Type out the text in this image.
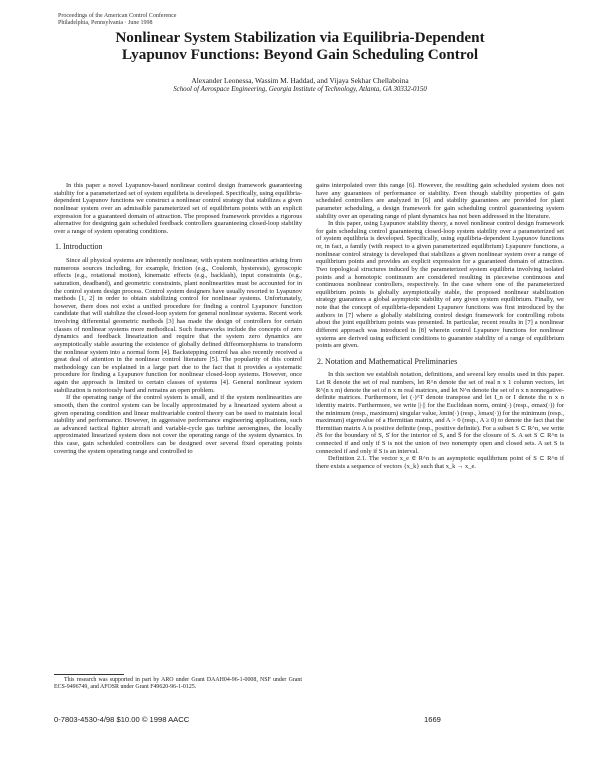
Proceedings of the American Control Conference
Philadelphia, Pennsylvania · June 1998
Nonlinear System Stabilization via Equilibria-Dependent
Lyapunov Functions: Beyond Gain Scheduling Control
Alexander Leonessa, Wassim M. Haddad, and Vijaya Sekhar Chellaboina
School of Aerospace Engineering, Georgia Institute of Technology, Atlanta, GA 30332-0150

In this paper a novel Lyapunov-based nonlinear control design framework guaranteeing stability for a parameterized set of system equilibria is developed. Specifically, using equilibria-dependent Lyapunov functions we construct a nonlinear control strategy that stabilizes a given nonlinear system over an admissible parameterized set of equilibrium points with an explicit expression for a guaranteed domain of attraction. The proposed framework provides a rigorous alternative for designing gain scheduled feedback controllers guaranteeing closed-loop stability over a range of system operating conditions.

1. Introduction

Since all physical systems are inherently nonlinear, with system nonlinearities arising from numerous sources including, for example, friction (e.g., Coulomb, hysteresis), gyroscopic effects (e.g., rotational motion), kinematic effects (e.g., backlash), input constraints (e.g., saturation, deadband), and geometric constraints, plant nonlinearities must be accounted for in the control system design process. Control system designers have usually resorted to Lyapunov methods [1, 2] in order to obtain stabilizing control for nonlinear systems. Unfortunately, however, there does not exist a unified procedure for finding a control Lyapunov function candidate that will stabilize the closed-loop system for general nonlinear systems. Recent work involving differential geometric methods [3] has made the design of controllers for certain classes of nonlinear systems more methodical. Such frameworks include the concepts of zero dynamics and feedback linearization and require that the system zero dynamics are asymptotically stable assuring the existence of globally defined diffeomorphisms to transform the nonlinear system into a normal form [4]. Backstepping control has also recently received a great deal of attention in the nonlinear control literature [5]. The popularity of this control methodology can be explained in a large part due to the fact that it provides a systematic procedure for finding a Lyapunov function for nonlinear closed-loop systems. However, once again the approach is limited to certain classes of systems [4]. General nonlinear system stabilization is notoriously hard and remains an open problem.

If the operating range of the control system is small, and if the system nonlinearities are smooth, then the control system can be locally approximated by a linearized system about a given operating condition and linear multivariable control theory can be used to maintain local stability and performance. However, in aggressive performance engineering applications, such as advanced tactical fighter aircraft and variable-cycle gas turbine aeroengines, the locally approximated linearized system does not cover the operating range of the system dynamics. In this case, gain scheduled controllers can be designed over several fixed operating points covering the system operating range and controlled to

gains interpolated over this range [6]. However, the resulting gain scheduled system does not have any guarantees of performance or stability. Even though stability properties of gain scheduled controllers are analyzed in [6] and stability guarantees are provided for plant parameter scheduling, a design framework for gain scheduling control guaranteeing system stability over an operating range of plant dynamics has not been addressed in the literature.

In this paper, using Lyapunov stability theory, a novel nonlinear control design framework for gain scheduling control guaranteeing closed-loop system stability over a parameterized set of system equilibria is developed. Specifically, using equilibria-dependent Lyapunov functions or, in fact, a family (with respect to a given parameterized equilibrium) Lyapunov functions, a nonlinear control strategy is developed that stabilizes a given nonlinear system over a range of equilibrium points and provides an explicit expression for a guaranteed domain of attraction. Two topological structures induced by the parameterized system equilibria involving isolated points and a homotopic continuum are considered resulting in piecewise continuous and continuous nonlinear controllers, respectively. In the case where one of the parameterized equilibrium points is globally asymptotically stable, the proposed nonlinear stabilization strategy guarantees a global asymptotic stability of any given system equilibrium. Finally, we note that the concept of equilibria-dependent Lyapunov functions was first introduced by the authors in [7] where a globally stabilizing control design framework for controlling robots about the joint equilibrium points was presented. In particular, recent results in [7] a nonlinear different approach was introduced in [8] wherein control Lyapunov functions for nonlinear systems are derived using sufficient conditions to guarantee stability of a range of equilibrium points are given.

2. Notation and Mathematical Preliminaries

In this section we establish notation, definitions, and several key results used in this paper. Let R denote the set of real numbers, let R^n denote the set of real n x 1 column vectors, let R^(n x m) denote the set of n x m real matrices, and let N^n denote the set of n x n nonnegative-definite matrices. Furthermore, let (·)^T denote transpose and let I_n or I denote the n x n identity matrix. Furthermore, we write ||·|| for the Euclidean norm, σmin(·) (resp., σmax(·)) for the minimum (resp., maximum) singular value, λmin(·) (resp., λmax(·)) for the minimum (resp., maximum) eigenvalue of a Hermitian matrix, and A > 0 (resp., A ≥ 0) to denote the fact that the Hermitian matrix A is positive definite (resp., positive definite). For a subset S ⊂ R^n, we write ∂S for the boundary of S, S̊ for the interior of S, and S̄ for the closure of S. A set S ⊂ R^n is connected if and only if S is not the union of two nonempty open and closed sets. A set S is connected if and only if S is an interval.

Definition 2.1. The vector x_e ∈ R^n is an asymptotic equilibrium point of S ⊂ R^n if there exists a sequence of vectors {x_k} such that x_k → x_e.

This research was supported in part by ARO under Grant DAAH04-96-1-0008, NSF under Grant ECS-9496749, and AFOSR under Grant F49620-96-1-0125.
0-7803-4530-4/98 $10.00 © 1998 AACC	1669
